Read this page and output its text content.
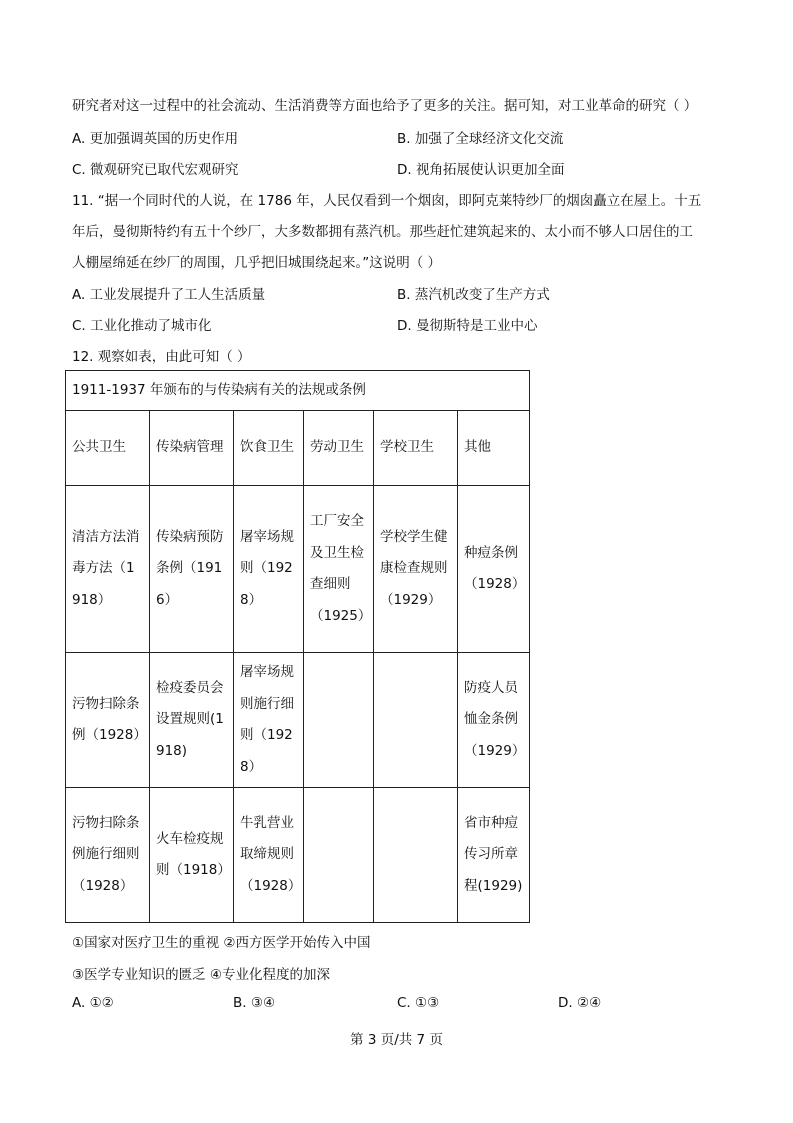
研究者对这一过程中的社会流动、生活消费等方面也给予了更多的关注。据可知，对工业革命的研究（ ）
A. 更加强调英国的历史作用	B. 加强了全球经济文化交流
C. 微观研究已取代宏观研究	D. 视角拓展使认识更加全面
11. “据一个同时代的人说，在 1786 年，人民仅看到一个烟囱，即阿克莱特纱厂的烟囱矗立在屋上。十五
年后，曼彻斯特约有五十个纱厂，大多数都拥有蒸汽机。那些赶忙建筑起来的、太小而不够人口居住的工
人棚屋绵延在纱厂的周围，几乎把旧城围绕起来。”这说明（ ）
A. 工业发展提升了工人生活质量	B. 蒸汽机改变了生产方式
C. 工业化推动了城市化	D. 曼彻斯特是工业中心
12. 观察如表，由此可知（ ）
1911-1937 年颁布的与传染病有关的法规或条例					
公共卫生	传染病管理	饮食卫生	劳动卫生	学校卫生	其他
清洁方法消毒方法（1918）	传染病预防条例（1916）	屠宰场规则（1928）	工厂安全及卫生检查细则（1925）	学校学生健康检查规则（1929）	种痘条例（1928）
污物扫除条例（1928）	检疫委员会设置规则(1918)	屠宰场规则施行细则（1928）			防疫人员恤金条例（1929）
污物扫除条例施行细则（1928）	火车检疫规则（1918）	牛乳营业取缔规则（1928）			省市种痘传习所章程(1929)
①国家对医疗卫生的重视 ②西方医学开始传入中国
③医学专业知识的匮乏 ④专业化程度的加深
A. ①②	B. ③④	C. ①③	D. ②④
第 3 页/共 7 页
